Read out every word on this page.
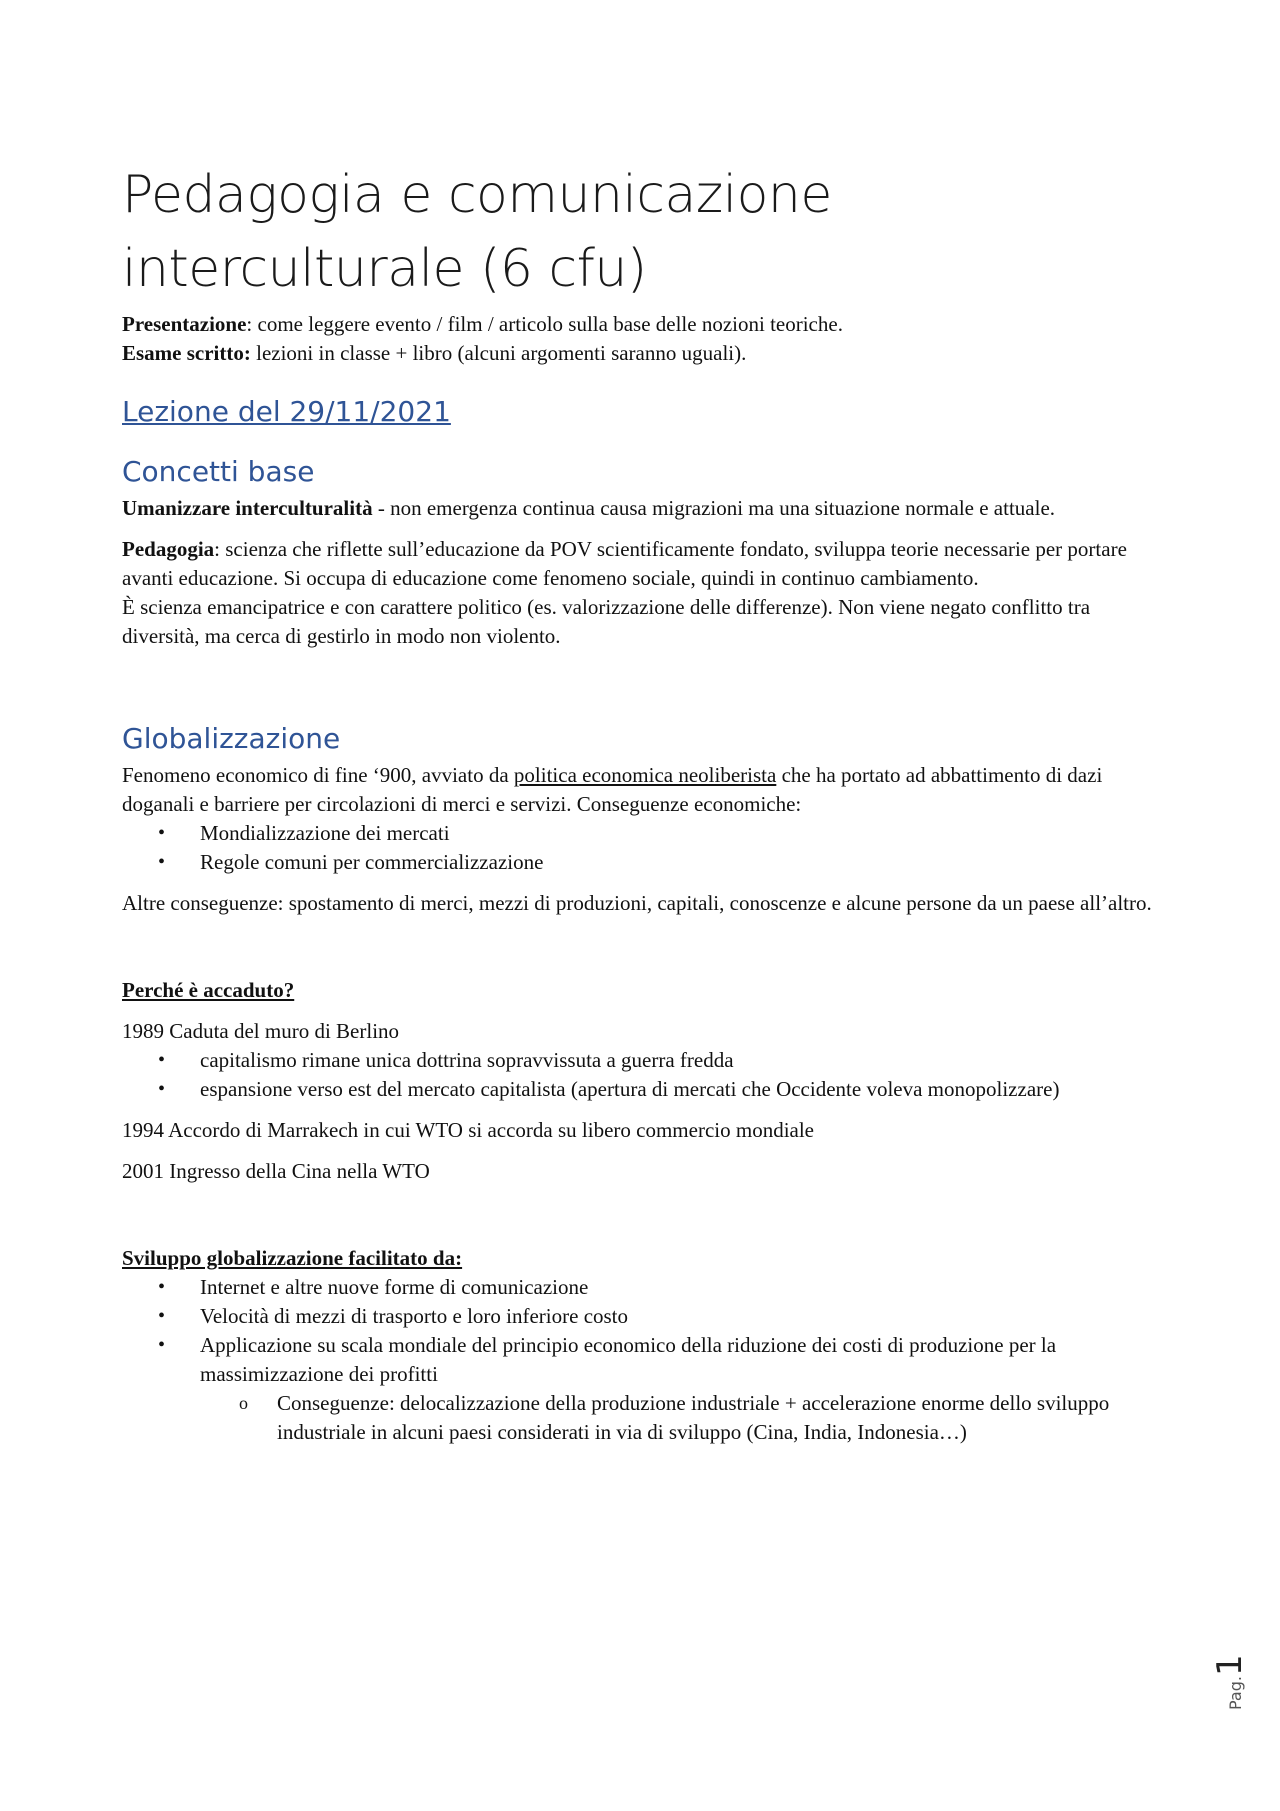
Pedagogia e comunicazione interculturale (6 cfu)

Presentazione: come leggere evento / film / articolo sulla base delle nozioni teoriche.

Esame scritto: lezioni in classe + libro (alcuni argomenti saranno uguali).

Lezione del 29/11/2021
Concetti base

Umanizzare interculturalità - non emergenza continua causa migrazioni ma una situazione normale e attuale.

Pedagogia: scienza che riflette sull’educazione da POV scientificamente fondato, sviluppa teorie necessarie per portare avanti educazione. Si occupa di educazione come fenomeno sociale, quindi in continuo cambiamento.

È scienza emancipatrice e con carattere politico (es. valorizzazione delle differenze). Non viene negato conflitto tra diversità, ma cerca di gestirlo in modo non violento.

Globalizzazione

Fenomeno economico di fine ‘900, avviato da politica economica neoliberista che ha portato ad abbattimento di dazi doganali e barriere per circolazioni di merci e servizi. Conseguenze economiche:

• Mondializzazione dei mercati
• Regole comuni per commercializzazione

Altre conseguenze: spostamento di merci, mezzi di produzioni, capitali, conoscenze e alcune persone da un paese all’altro.

Perché è accaduto?

1989 Caduta del muro di Berlino

• capitalismo rimane unica dottrina sopravvissuta a guerra fredda
• espansione verso est del mercato capitalista (apertura di mercati che Occidente voleva monopolizzare)

1994 Accordo di Marrakech in cui WTO si accorda su libero commercio mondiale

2001 Ingresso della Cina nella WTO

Sviluppo globalizzazione facilitato da:

• Internet e altre nuove forme di comunicazione
• Velocità di mezzi di trasporto e loro inferiore costo
• Applicazione su scala mondiale del principio economico della riduzione dei costi di produzione per la massimizzazione dei profitti
o Conseguenze: delocalizzazione della produzione industriale + accelerazione enorme dello sviluppo industriale in alcuni paesi considerati in via di sviluppo (Cina, India, Indonesia…)
Pag.1
